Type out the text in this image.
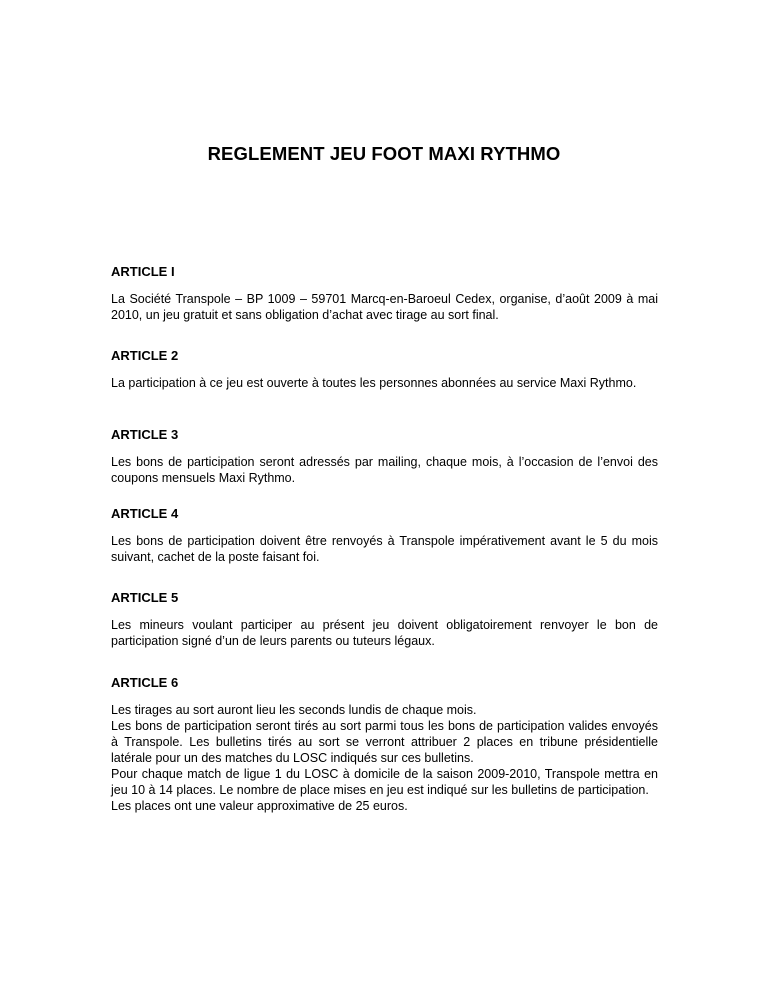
REGLEMENT JEU FOOT MAXI RYTHMO
ARTICLE I

La Société Transpole – BP 1009 – 59701 Marcq-en-Baroeul Cedex, organise, d’août 2009 à mai 2010, un jeu gratuit et sans obligation d’achat avec tirage au sort final.

ARTICLE 2

La participation à ce jeu est ouverte à toutes les personnes abonnées au service Maxi Rythmo.

ARTICLE 3

Les bons de participation seront adressés par mailing, chaque mois, à l’occasion de l’envoi des coupons mensuels Maxi Rythmo.

ARTICLE 4

Les bons de participation doivent être renvoyés à Transpole impérativement avant le 5 du mois suivant, cachet de la poste faisant foi.

ARTICLE 5

Les mineurs voulant participer au présent jeu doivent obligatoirement renvoyer le bon de participation signé d’un de leurs parents ou tuteurs légaux.

ARTICLE 6

Les tirages au sort auront lieu les seconds lundis de chaque mois.

Les bons de participation seront tirés au sort parmi tous les bons de participation valides envoyés à Transpole. Les bulletins tirés au sort se verront attribuer 2 places en tribune présidentielle latérale pour un des matches du LOSC indiqués sur ces bulletins.

Pour chaque match de ligue 1 du LOSC à domicile de la saison 2009-2010, Transpole mettra en jeu 10 à 14 places. Le nombre de place mises en jeu est indiqué sur les bulletins de participation.

Les places ont une valeur approximative de 25 euros.
